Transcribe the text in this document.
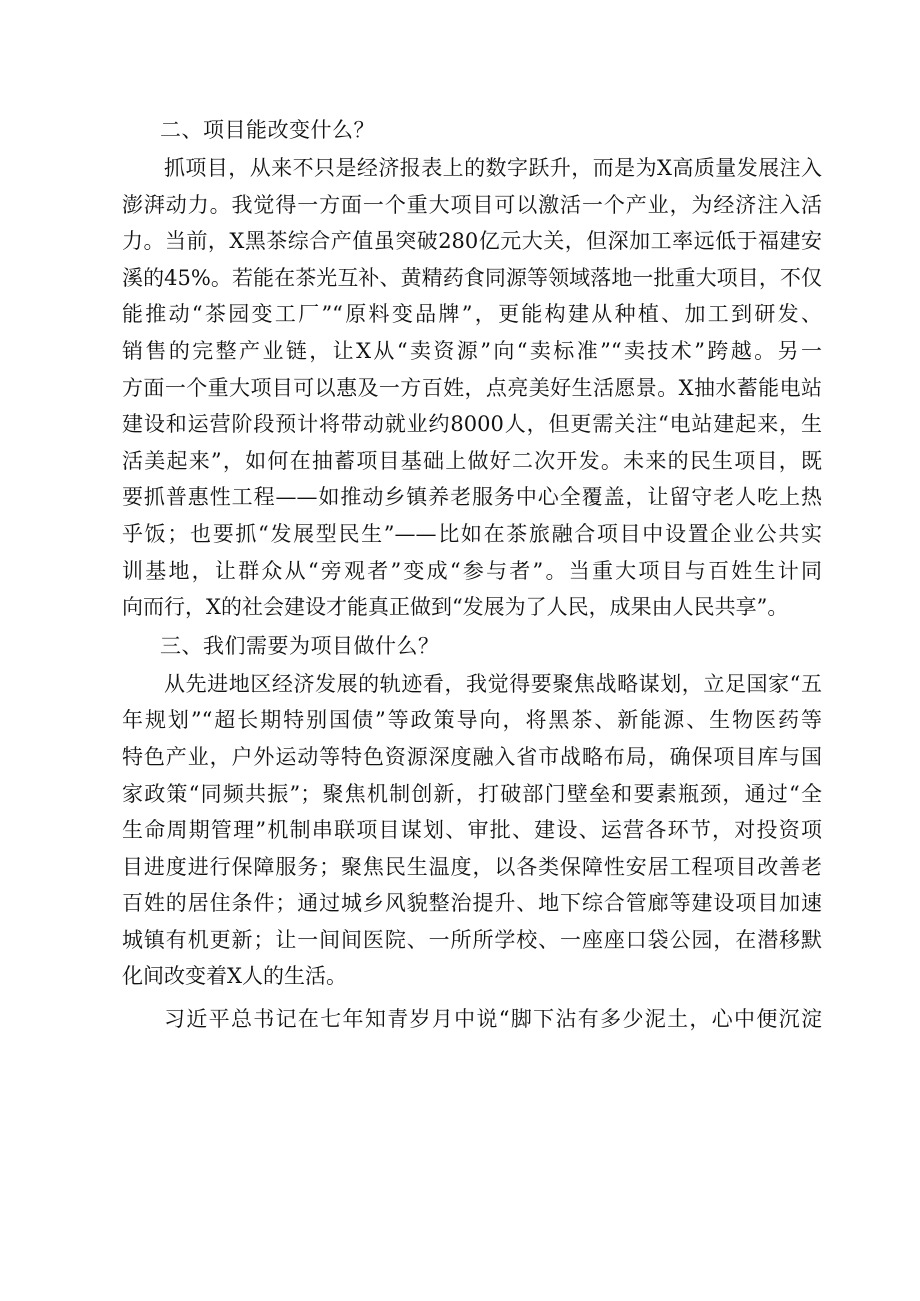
二、项目能改变什么？

抓项目，从来不只是经济报表上的数字跃升，而是为X高质量发展注入
澎湃动力。我觉得一方面一个重大项目可以激活一个产业，为经济注入活
力。当前，X黑茶综合产值虽突破280亿元大关，但深加工率远低于福建安
溪的45%。若能在茶光互补、黄精药食同源等领域落地一批重大项目，不仅
能推动“茶园变工厂”“原料变品牌”，更能构建从种植、加工到研发、
销售的完整产业链，让X从“卖资源”向“卖标准”“卖技术”跨越。另一
方面一个重大项目可以惠及一方百姓，点亮美好生活愿景。X抽水蓄能电站
建设和运营阶段预计将带动就业约8000人，但更需关注“电站建起来，生
活美起来”，如何在抽蓄项目基础上做好二次开发。未来的民生项目，既
要抓普惠性工程——如推动乡镇养老服务中心全覆盖，让留守老人吃上热
乎饭；也要抓“发展型民生”——比如在茶旅融合项目中设置企业公共实
训基地，让群众从“旁观者”变成“参与者”。当重大项目与百姓生计同
向而行，X的社会建设才能真正做到“发展为了人民，成果由人民共享”。

三、我们需要为项目做什么？

从先进地区经济发展的轨迹看，我觉得要聚焦战略谋划，立足国家“五
年规划”“超长期特别国债”等政策导向，将黑茶、新能源、生物医药等
特色产业，户外运动等特色资源深度融入省市战略布局，确保项目库与国
家政策“同频共振”；聚焦机制创新，打破部门壁垒和要素瓶颈，通过“全
生命周期管理”机制串联项目谋划、审批、建设、运营各环节，对投资项
目进度进行保障服务；聚焦民生温度，以各类保障性安居工程项目改善老
百姓的居住条件；通过城乡风貌整治提升、地下综合管廊等建设项目加速
城镇有机更新；让一间间医院、一所所学校、一座座口袋公园，在潜移默
化间改变着X人的生活。

习近平总书记在七年知青岁月中说“脚下沾有多少泥土，心中便沉淀
